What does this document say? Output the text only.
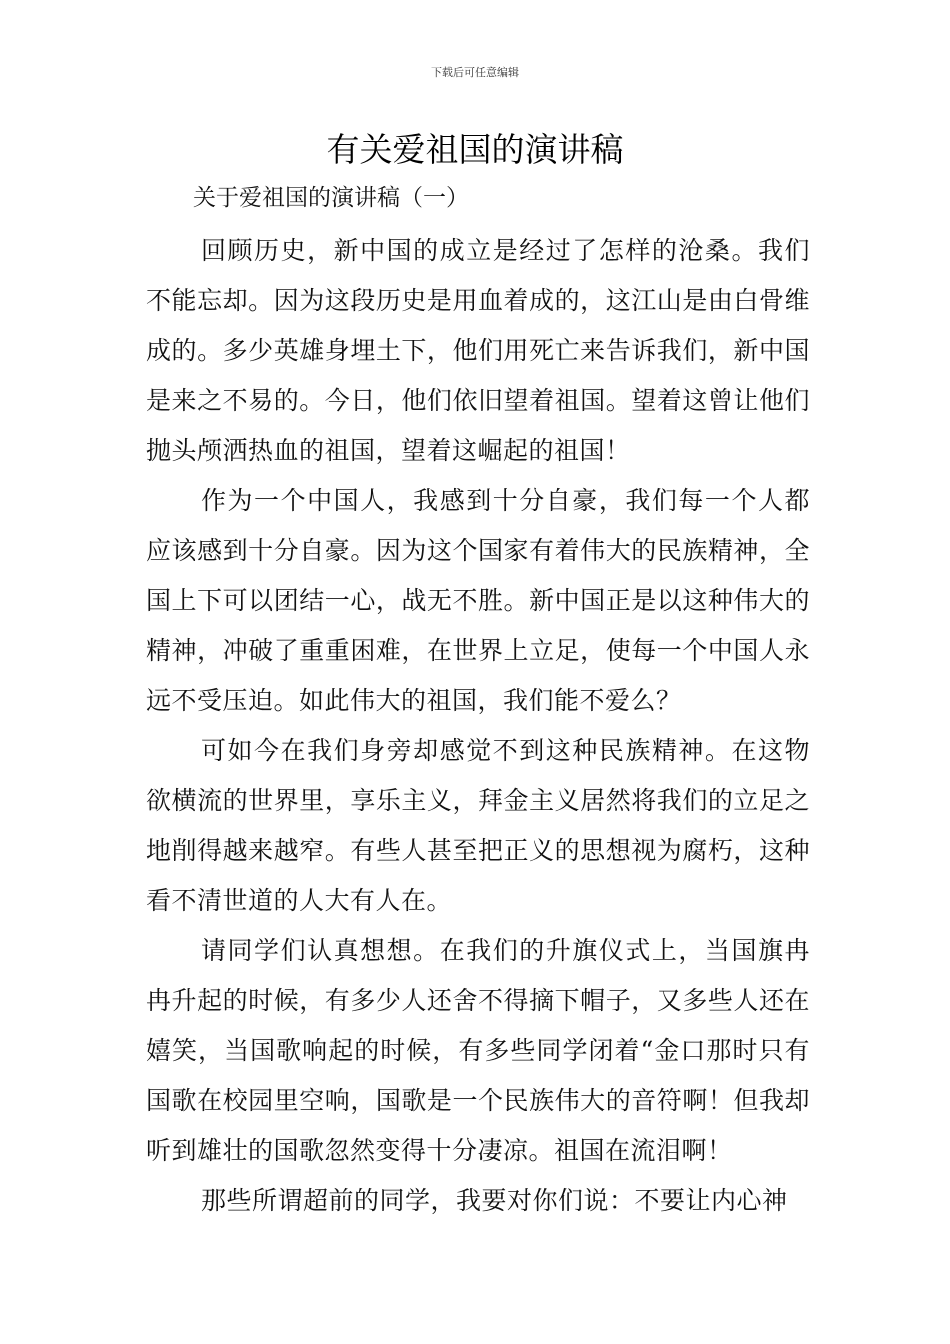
下载后可任意编辑
有关爱祖国的演讲稿

关于爱祖国的演讲稿（一）

回顾历史，新中国的成立是经过了怎样的沧桑。我们不能忘却。因为这段历史是用血着成的，这江山是由白骨维成的。多少英雄身埋土下，他们用死亡来告诉我们，新中国是来之不易的。今日，他们依旧望着祖国。望着这曾让他们抛头颅洒热血的祖国，望着这崛起的祖国！

作为一个中国人，我感到十分自豪，我们每一个人都应该感到十分自豪。因为这个国家有着伟大的民族精神，全国上下可以团结一心，战无不胜。新中国正是以这种伟大的精神，冲破了重重困难，在世界上立足，使每一个中国人永远不受压迫。如此伟大的祖国，我们能不爱么？

可如今在我们身旁却感觉不到这种民族精神。在这物欲横流的世界里，享乐主义，拜金主义居然将我们的立足之地削得越来越窄。有些人甚至把正义的思想视为腐朽，这种看不清世道的人大有人在。

请同学们认真想想。在我们的升旗仪式上，当国旗冉冉升起的时候，有多少人还舍不得摘下帽子，又多些人还在嬉笑，当国歌响起的时候，有多些同学闭着“金口那时只有国歌在校园里空响，国歌是一个民族伟大的音符啊！但我却听到雄壮的国歌忽然变得十分凄凉。祖国在流泪啊！

那些所谓超前的同学，我要对你们说：不要让内心神
